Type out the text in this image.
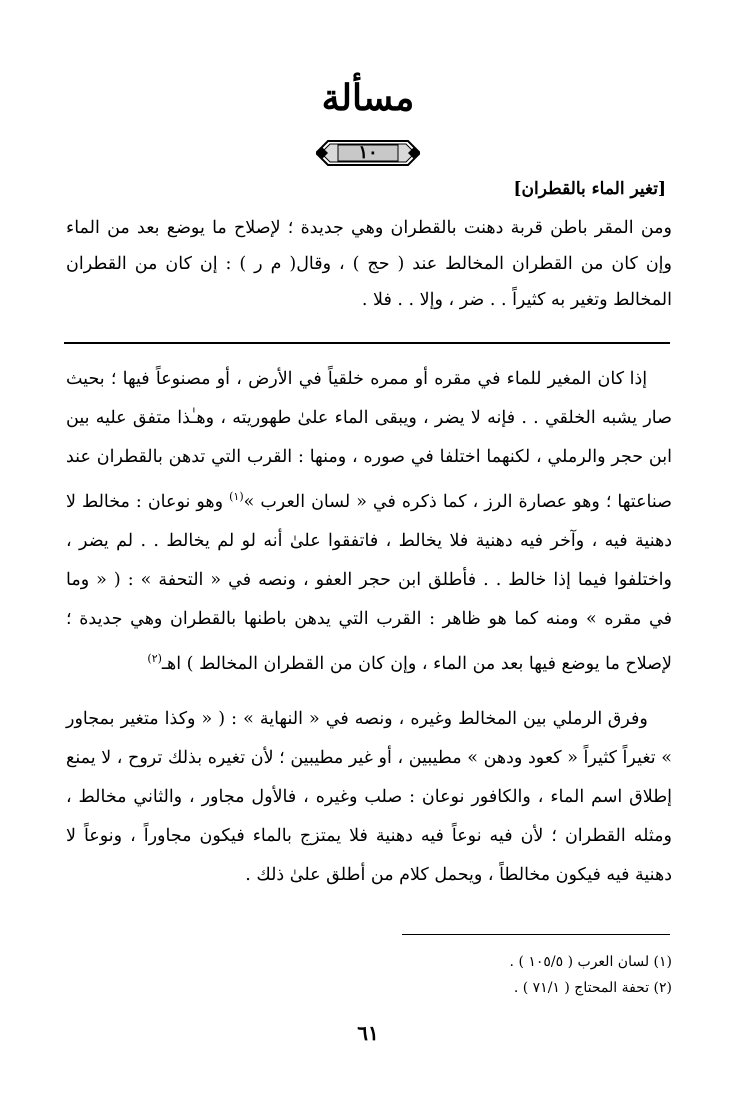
مسألة
١٠
[تغير الماء بالقطران]
ومن المقر باطن قربة دهنت بالقطران وهي جديدة ؛ لإصلاح ما يوضع بعد من الماء وإن كان من القطران المخالط عند ( حج ) ، وقال( م ر ) : إن كان من القطران المخالط وتغير به كثيراً . . ضر ، وإلا . . فلا .
إذا كان المغير للماء في مقره أو ممره خلقياً في الأرض ، أو مصنوعاً فيها ؛ بحيث صار يشبه الخلقي . . فإنه لا يضر ، ويبقى الماء علىٰ طهوريته ، وهـٰذا متفق عليه بين ابن حجر والرملي ، لكنهما اختلفا في صوره ، ومنها : القرب التي تدهن بالقطران عند صناعتها ؛ وهو عصارة الرز ، كما ذكره في « لسان العرب »$^{(١)}$ وهو نوعان : مخالط لا دهنية فيه ، وآخر فيه دهنية فلا يخالط ، فاتفقوا علىٰ أنه لو لم يخالط . . لم يضر ، واختلفوا فيما إذا خالط . . فأطلق ابن حجر العفو ، ونصه في « التحفة » : ( « وما في مقره » ومنه كما هو ظاهر : القرب التي يدهن باطنها بالقطران وهي جديدة ؛ لإصلاح ما يوضع فيها بعد من الماء ، وإن كان من القطران المخالط ) اهـ$^{(٢)}$
وفرق الرملي بين المخالط وغيره ، ونصه في « النهاية » : ( « وكذا متغير بمجاور » تغيراً كثيراً « كعود ودهن » مطيبين ، أو غير مطيبين ؛ لأن تغيره بذلك تروح ، لا يمنع إطلاق اسم الماء ، والكافور نوعان : صلب وغيره ، فالأول مجاور ، والثاني مخالط ، ومثله القطران ؛ لأن فيه نوعاً فيه دهنية فلا يمتزج بالماء فيكون مجاوراً ، ونوعاً لا دهنية فيه فيكون مخالطاً ، ويحمل كلام من أطلق علىٰ ذلك .
(١) لسان العرب ( ١٠٥/٥ ) .
(٢) تحفة المحتاج ( ٧١/١ ) .
٦١
